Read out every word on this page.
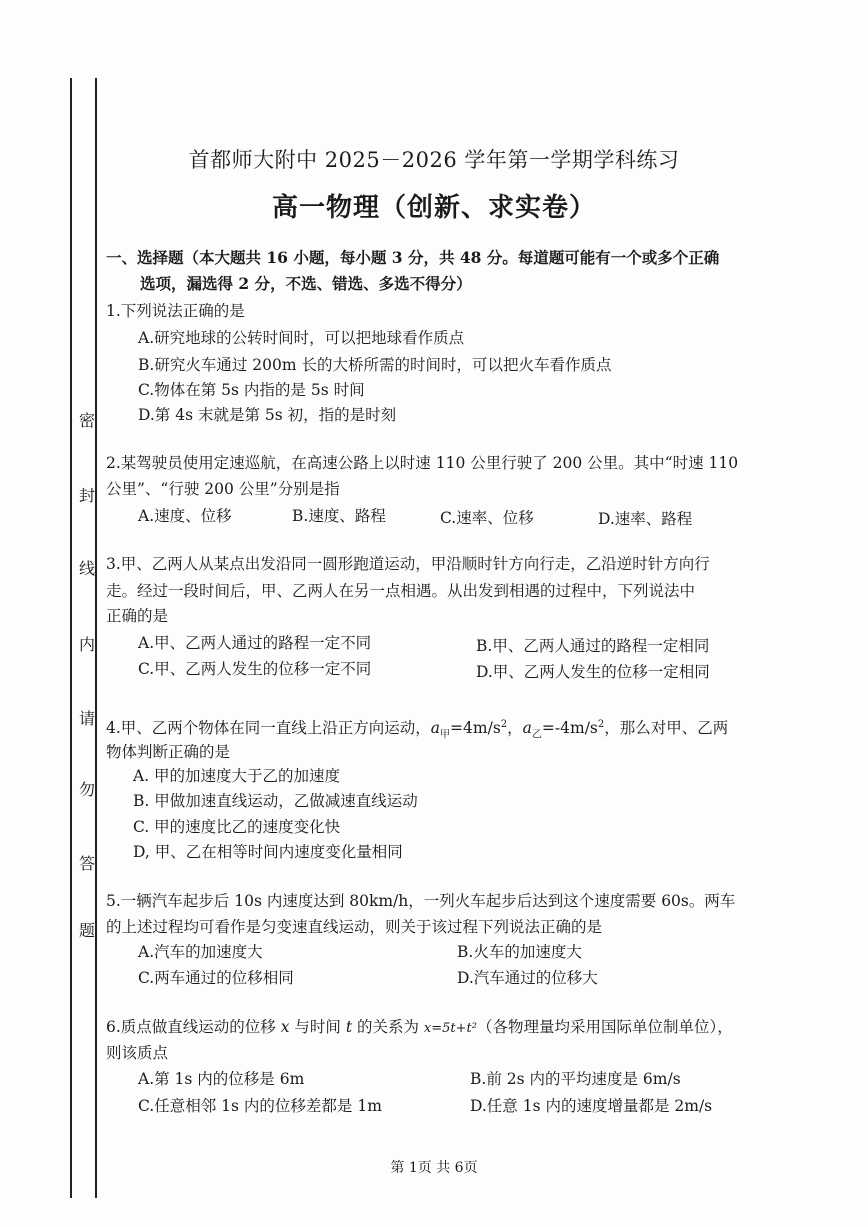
密
封
线
内
请
勿
答
题
首都师大附中 2025－2026 学年第一学期学科练习
高一物理（创新、求实卷）
一、选择题（本大题共 16 小题，每小题 3 分，共 48 分。每道题可能有一个或多个正确
选项，漏选得 2 分，不选、错选、多选不得分）
1.下列说法正确的是
A.研究地球的公转时间时，可以把地球看作质点
B.研究火车通过 200m 长的大桥所需的时间时，可以把火车看作质点
C.物体在第 5s 内指的是 5s 时间
D.第 4s 末就是第 5s 初，指的是时刻
2.某驾驶员使用定速巡航，在高速公路上以时速 110 公里行驶了 200 公里。其中“时速 110
公里”、“行驶 200 公里”分别是指
A.速度、位移	B.速度、路程	C.速率、位移	D.速率、路程
3.甲、乙两人从某点出发沿同一圆形跑道运动，甲沿顺时针方向行走，乙沿逆时针方向行
走。经过一段时间后，甲、乙两人在另一点相遇。从出发到相遇的过程中，下列说法中
正确的是
A.甲、乙两人通过的路程一定不同	B.甲、乙两人通过的路程一定相同
C.甲、乙两人发生的位移一定不同	D.甲、乙两人发生的位移一定相同
4.甲、乙两个物体在同一直线上沿正方向运动，$a_甲=4m/s^2$，$a_乙=-4m/s^2$，那么对甲、乙两
物体判断正确的是
A. 甲的加速度大于乙的加速度
B. 甲做加速直线运动，乙做减速直线运动
C. 甲的速度比乙的速度变化快
D, 甲、乙在相等时间内速度变化量相同
5.一辆汽车起步后 10s 内速度达到 80km/h，一列火车起步后达到这个速度需要 60s。两车
的上述过程均可看作是匀变速直线运动，则关于该过程下列说法正确的是
A.汽车的加速度大	B.火车的加速度大
C.两车通过的位移相同	D.汽车通过的位移大
6.质点做直线运动的位移 x 与时间 t 的关系为 x=5t+t²（各物理量均采用国际单位制单位），
则该质点
A.第 1s 内的位移是 6m	B.前 2s 内的平均速度是 6m/s
C.任意相邻 1s 内的位移差都是 1m	D.任意 1s 内的速度增量都是 2m/s
第 1页 共 6页
